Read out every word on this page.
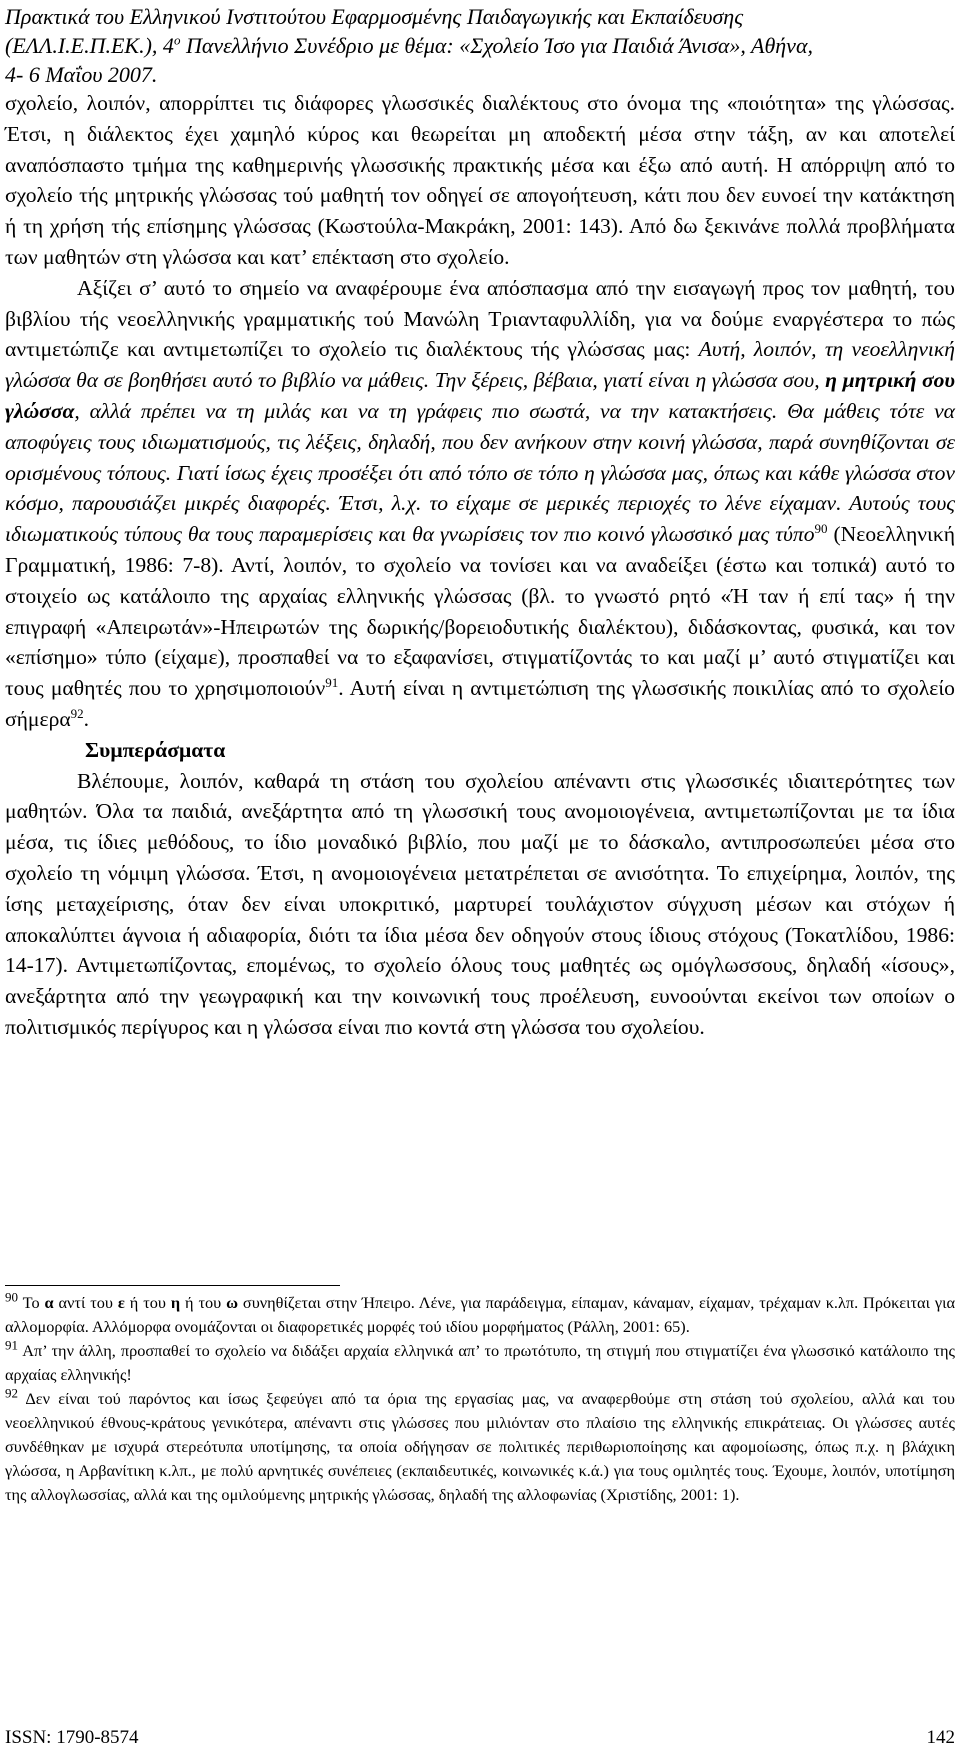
Πρακτικά του Ελληνικού Ινστιτούτου Εφαρμοσμένης Παιδαγωγικής και Εκπαίδευσης
(ΕΛΛ.Ι.Ε.Π.ΕΚ.), $4^o$ Πανελλήνιο Συνέδριο με θέμα: «Σχολείο Ίσο για Παιδιά Άνισα», Αθήνα,
4- 6 Μαΐου 2007.

σχολείο, λοιπόν, απορρίπτει τις διάφορες γλωσσικές διαλέκτους στο όνομα της «ποιότητα» της γλώσσας. Έτσι, η διάλεκτος έχει χαμηλό κύρος και θεωρείται μη αποδεκτή μέσα στην τάξη, αν και αποτελεί αναπόσπαστο τμήμα της καθημερινής γλωσσικής πρακτικής μέσα και έξω από αυτή. Η απόρριψη από το σχολείο τής μητρικής γλώσσας τού μαθητή τον οδηγεί σε απογοήτευση, κάτι που δεν ευνοεί την κατάκτηση ή τη χρήση τής επίσημης γλώσσας (Κωστούλα-Μακράκη, 2001: 143). Από δω ξεκινάνε πολλά προβλήματα των μαθητών στη γλώσσα και κατ’ επέκταση στο σχολείο.

Αξίζει σ’ αυτό το σημείο να αναφέρουμε ένα απόσπασμα από την εισαγωγή προς τον μαθητή, του βιβλίου τής νεοελληνικής γραμματικής τού Μανώλη Τριανταφυλλίδη, για να δούμε εναργέστερα το πώς αντιμετώπιζε και αντιμετωπίζει το σχολείο τις διαλέκτους τής γλώσσας μας: Αυτή, λοιπόν, τη νεοελληνική γλώσσα θα σε βοηθήσει αυτό το βιβλίο να μάθεις. Την ξέρεις, βέβαια, γιατί είναι η γλώσσα σου, η μητρική σου γλώσσα, αλλά πρέπει να τη μιλάς και να τη γράφεις πιο σωστά, να την κατακτήσεις. Θα μάθεις τότε να αποφύγεις τους ιδιωματισμούς, τις λέξεις, δηλαδή, που δεν ανήκουν στην κοινή γλώσσα, παρά συνηθίζονται σε ορισμένους τόπους. Γιατί ίσως έχεις προσέξει ότι από τόπο σε τόπο η γλώσσα μας, όπως και κάθε γλώσσα στον κόσμο, παρουσιάζει μικρές διαφορές. Έτσι, λ.χ. το είχαμε σε μερικές περιοχές το λένε είχαμαν. Αυτούς τους ιδιωματικούς τύπους θα τους παραμερίσεις και θα γνωρίσεις τον πιο κοινό γλωσσικό μας τύπο$^{90}$ (Νεοελληνική Γραμματική, 1986: 7-8). Αντί, λοιπόν, το σχολείο να τονίσει και να αναδείξει (έστω και τοπικά) αυτό το στοιχείο ως κατάλοιπο της αρχαίας ελληνικής γλώσσας (βλ. το γνωστό ρητό «Ή ταν ή επί τας» ή την επιγραφή «Απειρωτάν»-Ηπειρωτών της δωρικής/βορειοδυτικής διαλέκτου), διδάσκοντας, φυσικά, και τον «επίσημο» τύπο (είχαμε), προσπαθεί να το εξαφανίσει, στιγματίζοντάς το και μαζί μ’ αυτό στιγματίζει και τους μαθητές που το χρησιμοποιούν$^{91}$. Αυτή είναι η αντιμετώπιση της γλωσσικής ποικιλίας από το σχολείο σήμερα$^{92}$.

Συμπεράσματα

Βλέπουμε, λοιπόν, καθαρά τη στάση του σχολείου απέναντι στις γλωσσικές ιδιαιτερότητες των μαθητών. Όλα τα παιδιά, ανεξάρτητα από τη γλωσσική τους ανομοιογένεια, αντιμετωπίζονται με τα ίδια μέσα, τις ίδιες μεθόδους, το ίδιο μοναδικό βιβλίο, που μαζί με το δάσκαλο, αντιπροσωπεύει μέσα στο σχολείο τη νόμιμη γλώσσα. Έτσι, η ανομοιογένεια μετατρέπεται σε ανισότητα. Το επιχείρημα, λοιπόν, της ίσης μεταχείρισης, όταν δεν είναι υποκριτικό, μαρτυρεί τουλάχιστον σύγχυση μέσων και στόχων ή αποκαλύπτει άγνοια ή αδιαφορία, διότι τα ίδια μέσα δεν οδηγούν στους ίδιους στόχους (Τοκατλίδου, 1986: 14-17). Αντιμετωπίζοντας, επομένως, το σχολείο όλους τους μαθητές ως ομόγλωσσους, δηλαδή «ίσους», ανεξάρτητα από την γεωγραφική και την κοινωνική τους προέλευση, ευνοούνται εκείνοι των οποίων ο πολιτισμικός περίγυρος και η γλώσσα είναι πιο κοντά στη γλώσσα του σχολείου.

$^{90}$ Το α αντί του ε ή του η ή του ω συνηθίζεται στην Ήπειρο. Λένε, για παράδειγμα, είπαμαν, κάναμαν, είχαμαν, τρέχαμαν κ.λπ. Πρόκειται για αλλομορφία. Αλλόμορφα ονομάζονται οι διαφορετικές μορφές τού ιδίου μορφήματος (Ράλλη, 2001: 65).

$^{91}$ Απ’ την άλλη, προσπαθεί το σχολείο να διδάξει αρχαία ελληνικά απ’ το πρωτότυπο, τη στιγμή που στιγματίζει ένα γλωσσικό κατάλοιπο της αρχαίας ελληνικής!

$^{92}$ Δεν είναι τού παρόντος και ίσως ξεφεύγει από τα όρια της εργασίας μας, να αναφερθούμε στη στάση τού σχολείου, αλλά και του νεοελληνικού έθνους-κράτους γενικότερα, απέναντι στις γλώσσες που μιλιόνταν στο πλαίσιο της ελληνικής επικράτειας. Οι γλώσσες αυτές συνδέθηκαν με ισχυρά στερεότυπα υποτίμησης, τα οποία οδήγησαν σε πολιτικές περιθωριοποίησης και αφομοίωσης, όπως π.χ. η βλάχικη γλώσσα, η Αρβανίτικη κ.λπ., με πολύ αρνητικές συνέπειες (εκπαιδευτικές, κοινωνικές κ.ά.) για τους ομιλητές τους. Έχουμε, λοιπόν, υποτίμηση της αλλογλωσσίας, αλλά και της ομιλούμενης μητρικής γλώσσας, δηλαδή της αλλοφωνίας (Χριστίδης, 2001: 1).

ISSN: 1790-8574	142
